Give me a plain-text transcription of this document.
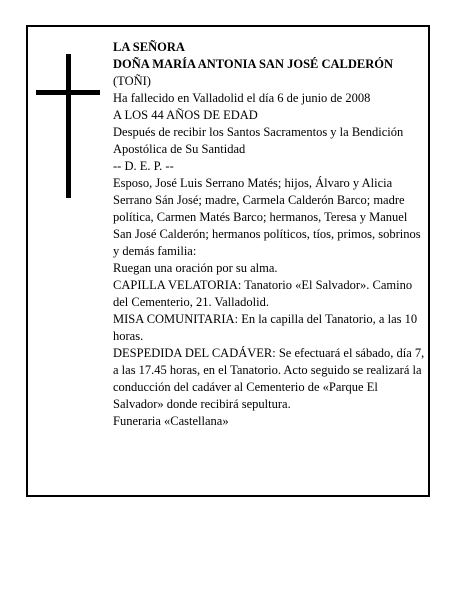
LA SEÑORA

DOÑA MARÍA ANTONIA SAN JOSÉ CALDERÓN

(TOÑI)

Ha fallecido en Valladolid el día 6 de junio de 2008

A LOS 44 AÑOS DE EDAD

Después de recibir los Santos Sacramentos y la Bendición Apostólica de Su Santidad

-- D. E. P. --

Esposo, José Luis Serrano Matés; hijos, Álvaro y Alicia Serrano Sán José; madre, Carmela Calderón Barco; madre política, Carmen Matés Barco; hermanos, Teresa y Manuel San José Calderón; hermanos políticos, tíos, primos, sobrinos y demás familia:

Ruegan una oración por su alma.

CAPILLA VELATORIA: Tanatorio «El Salvador». Camino del Cementerio, 21. Valladolid.

MISA COMUNITARIA: En la capilla del Tanatorio, a las 10 horas.

DESPEDIDA DEL CADÁVER: Se efectuará el sábado, día 7, a las 17.45 horas, en el Tanatorio. Acto seguido se realizará la conducción del cadáver al Cementerio de «Parque El Salvador» donde recibirá sepultura.

Funeraria «Castellana»
